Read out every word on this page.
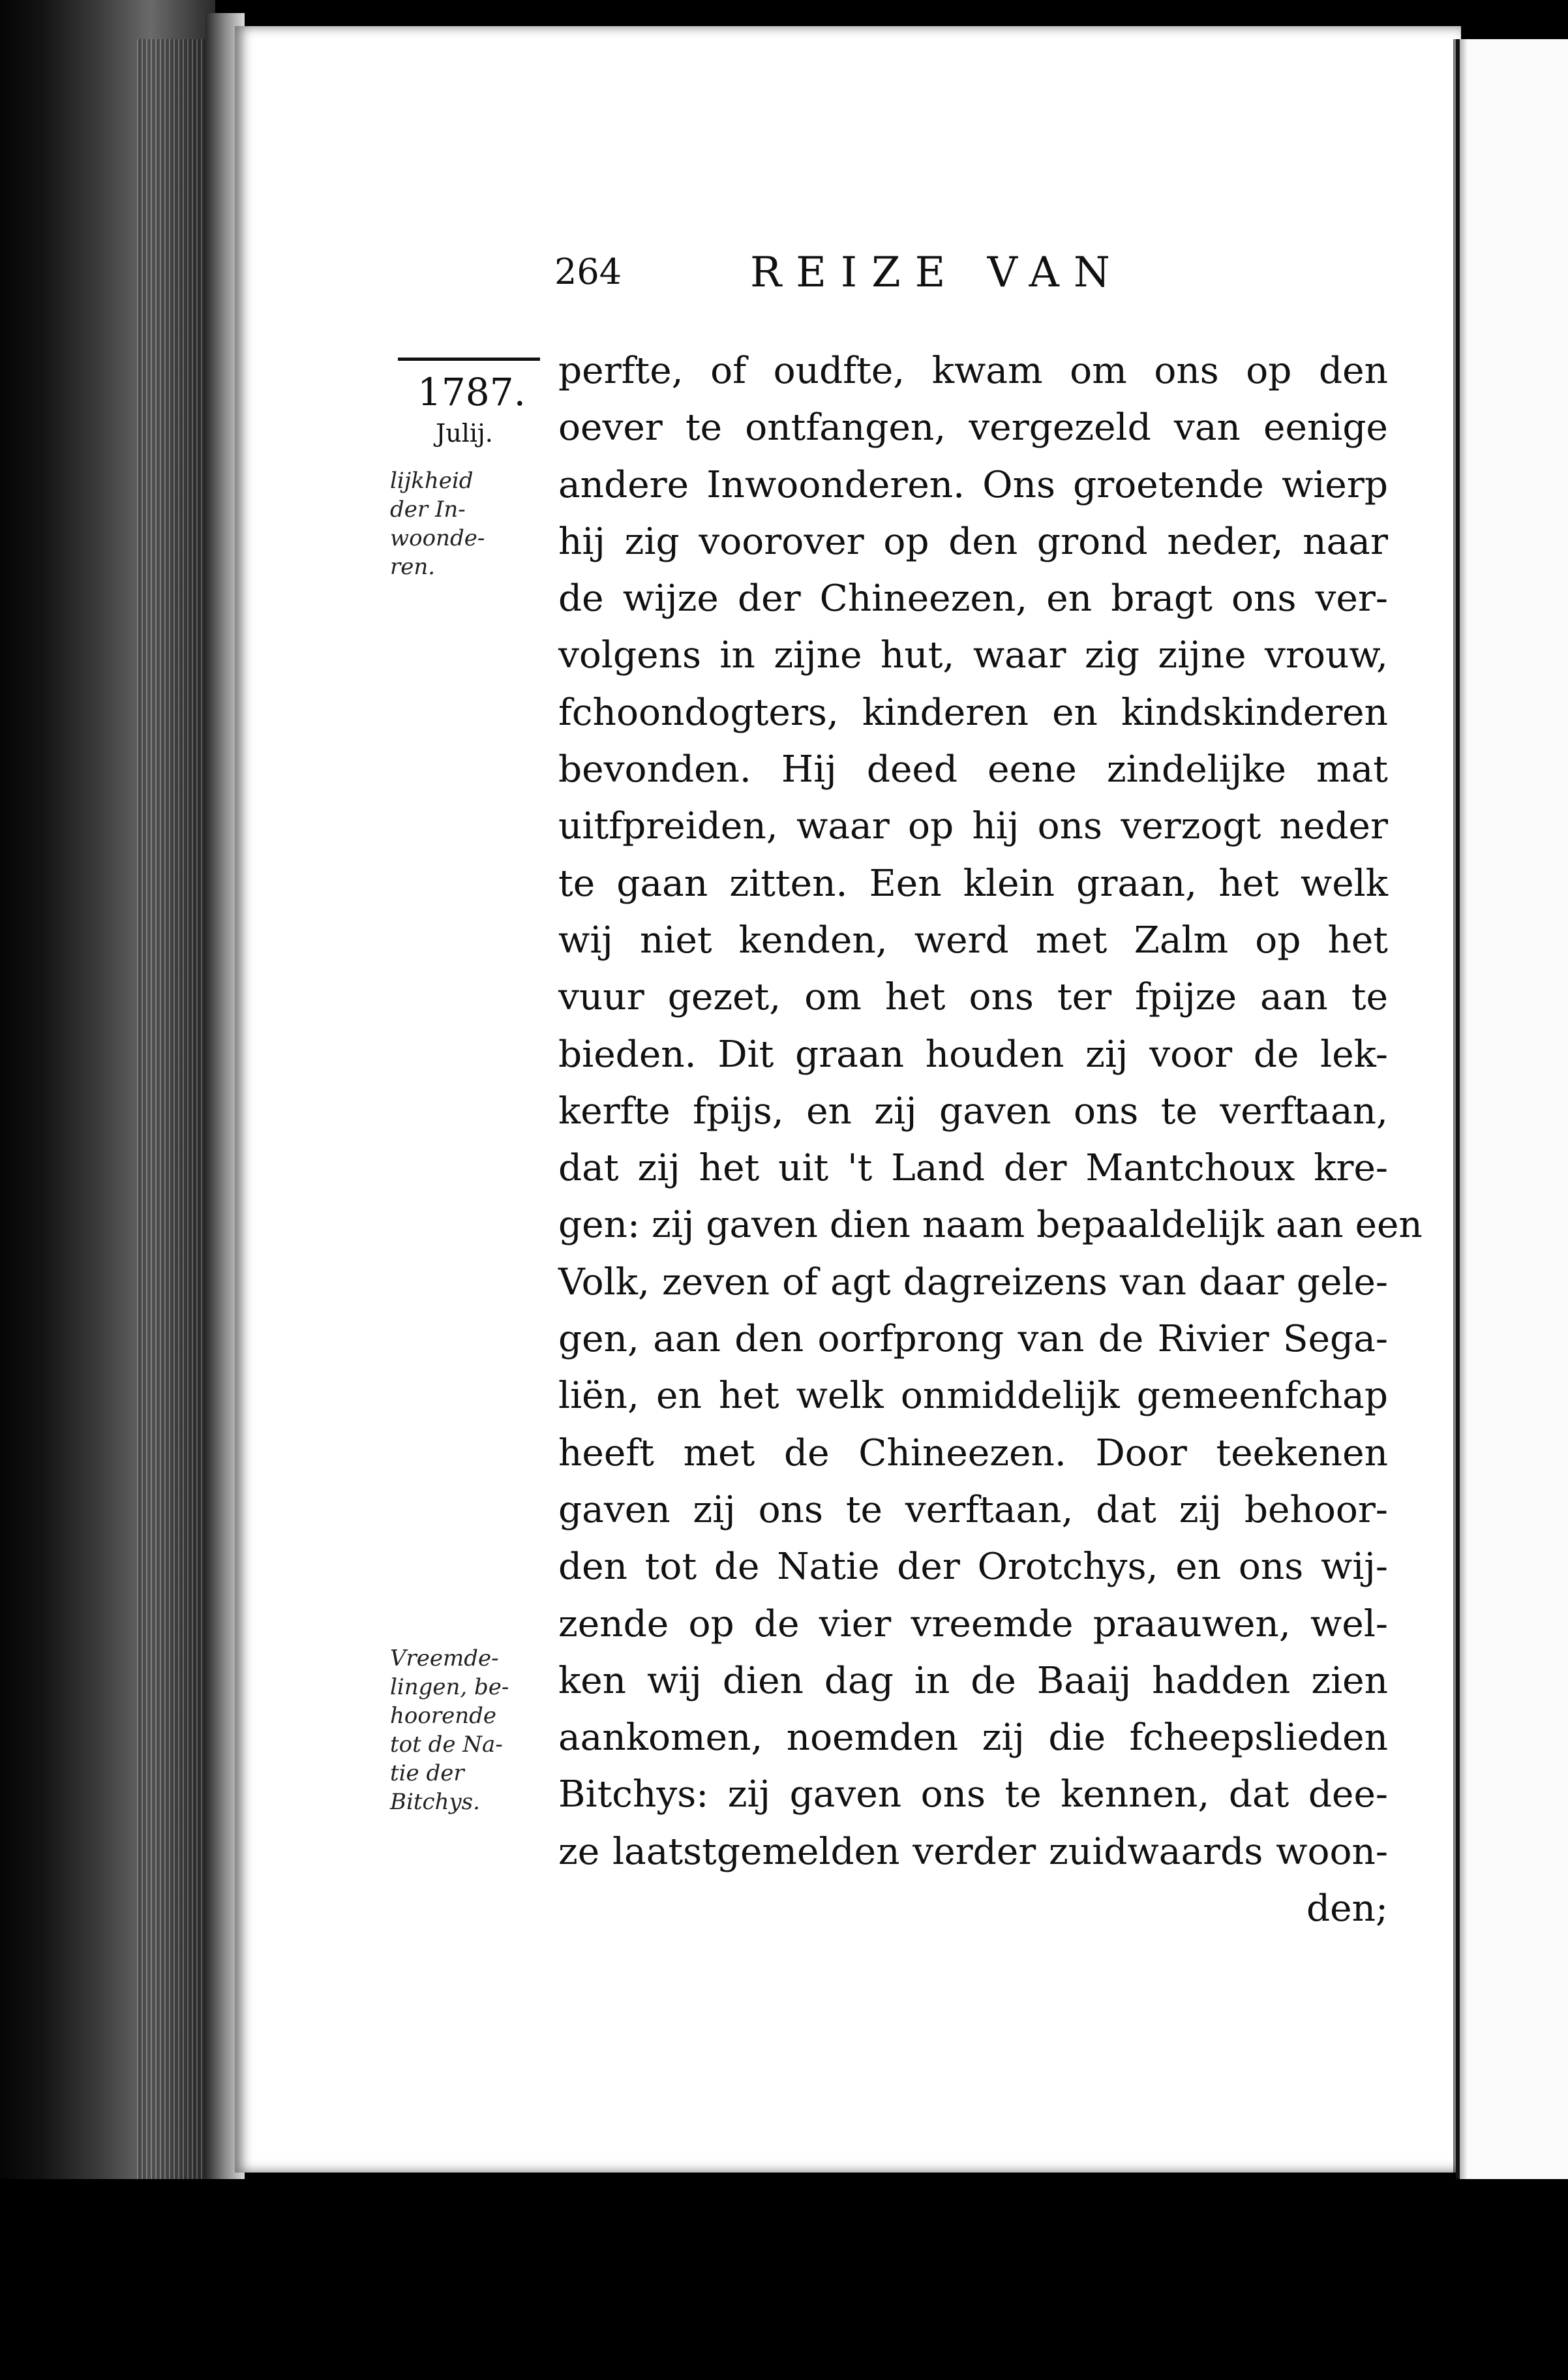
264	REIZE VAN
1787.
Julij.
lijkheid
der In-
woonde-
ren.
Vreemde-
lingen, be-
hoorende
tot de Na-
tie der
Bitchys.
perfte, of oudfte, kwam om ons op den
oever te ontfangen, vergezeld van eenige
andere Inwoonderen. Ons groetende wierp
hij zig voorover op den grond neder, naar
de wijze der Chineezen, en bragt ons ver-
volgens in zijne hut, waar zig zijne vrouw,
fchoondogters, kinderen en kindskinderen
bevonden. Hij deed eene zindelijke mat
uitfpreiden, waar op hij ons verzogt neder
te gaan zitten. Een klein graan, het welk
wij niet kenden, werd met Zalm op het
vuur gezet, om het ons ter fpijze aan te
bieden. Dit graan houden zij voor de lek-
kerfte fpijs, en zij gaven ons te verftaan,
dat zij het uit 't Land der Mantchoux kre-
gen: zij gaven dien naam bepaaldelijk aan een
Volk, zeven of agt dagreizens van daar gele-
gen, aan den oorfprong van de Rivier Sega-
liën, en het welk onmiddelijk gemeenfchap
heeft met de Chineezen. Door teekenen
gaven zij ons te verftaan, dat zij behoor-
den tot de Natie der Orotchys, en ons wij-
zende op de vier vreemde praauwen, wel-
ken wij dien dag in de Baaij hadden zien
aankomen, noemden zij die fcheepslieden
Bitchys: zij gaven ons te kennen, dat dee-
ze laatstgemelden verder zuidwaards woon-
den;
